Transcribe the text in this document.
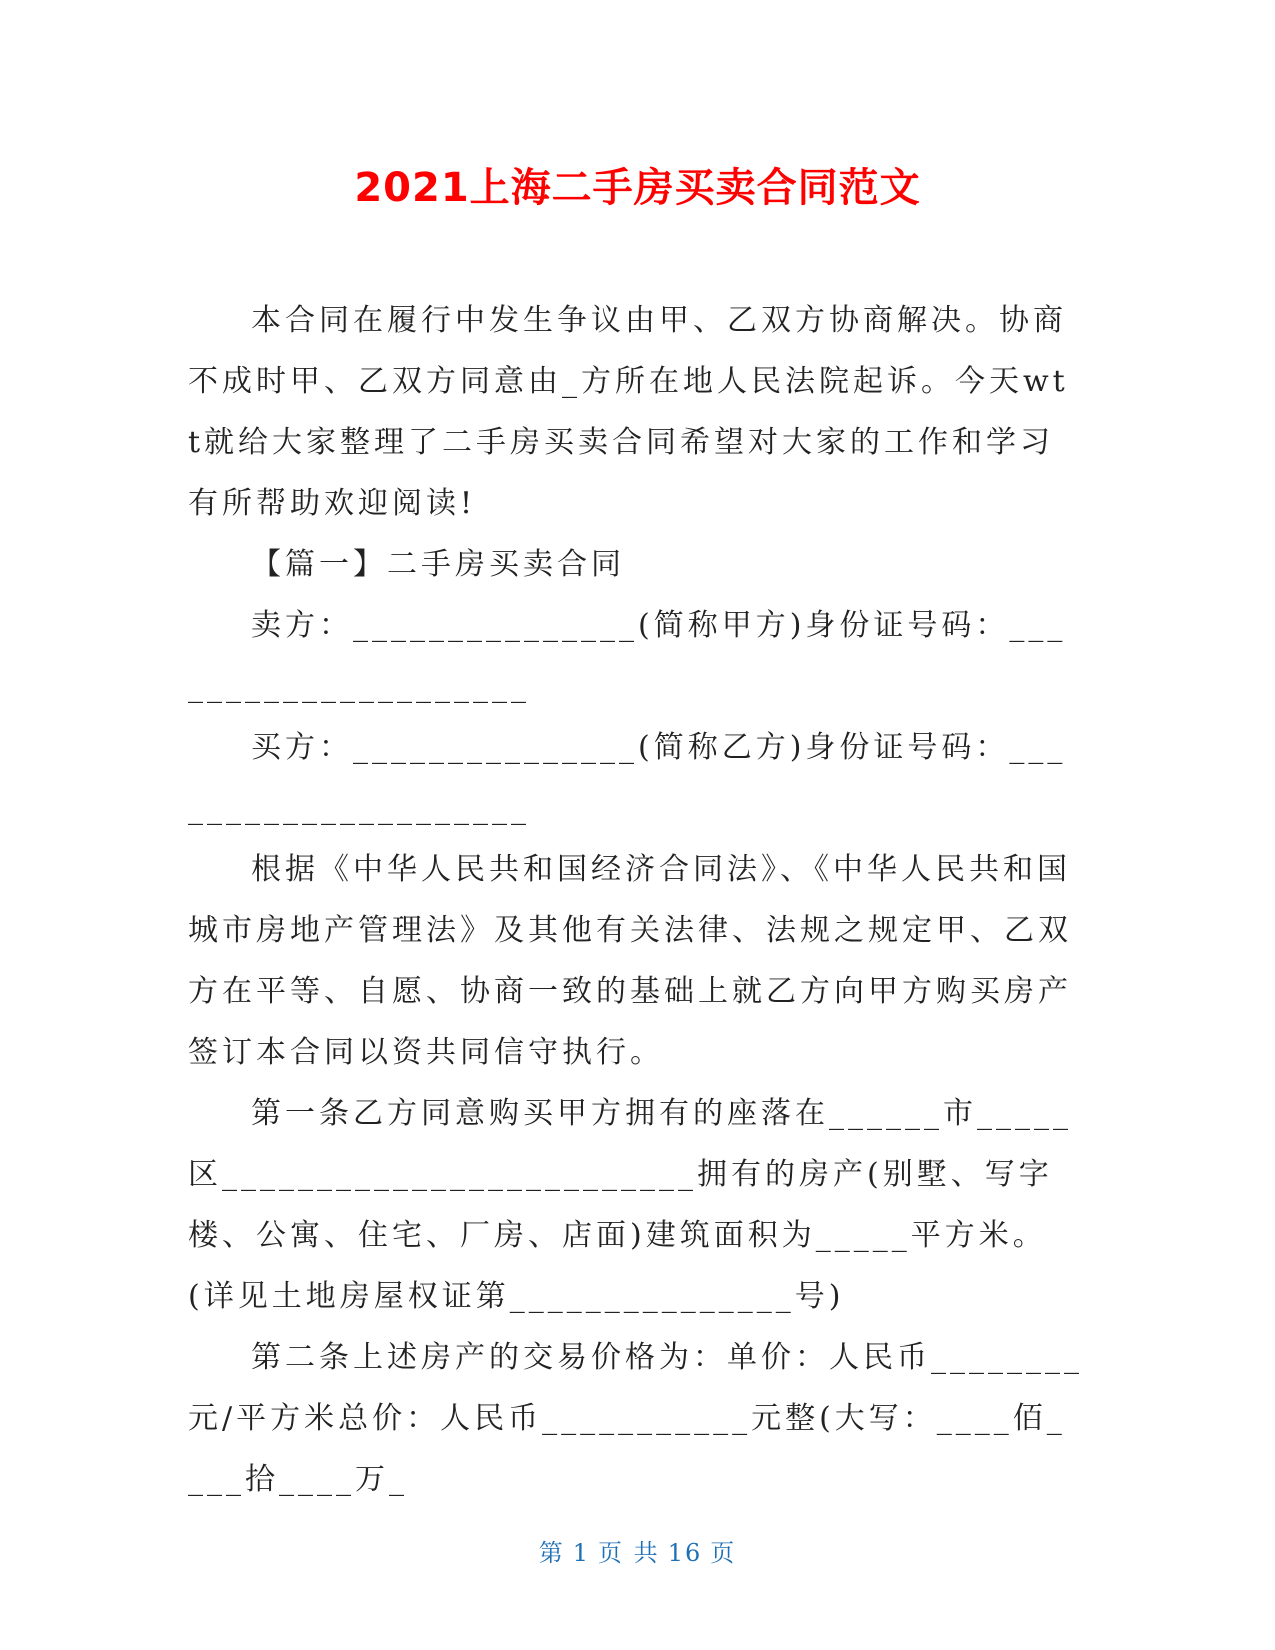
2021上海二手房买卖合同范文

本合同在履行中发生争议由甲、乙双方协商解决。协商不成时甲、乙双方同意由_方所在地人民法院起诉。今天wtt就给大家整理了二手房买卖合同希望对大家的工作和学习有所帮助欢迎阅读!

【篇一】二手房买卖合同

卖方：_______________(简称甲方)身份证号码：_____________________

买方：_______________(简称乙方)身份证号码：_____________________

根据《中华人民共和国经济合同法》、《中华人民共和国城市房地产管理法》及其他有关法律、法规之规定甲、乙双方在平等、自愿、协商一致的基础上就乙方向甲方购买房产签订本合同以资共同信守执行。

第一条乙方同意购买甲方拥有的座落在______市_____区_________________________拥有的房产(别墅、写字楼、公寓、住宅、厂房、店面)建筑面积为_____平方米。(详见土地房屋权证第_______________号)

第二条上述房产的交易价格为：单价：人民币________元/平方米总价：人民币___________元整(大写：____佰____拾____万_

第 1 页 共 16 页
